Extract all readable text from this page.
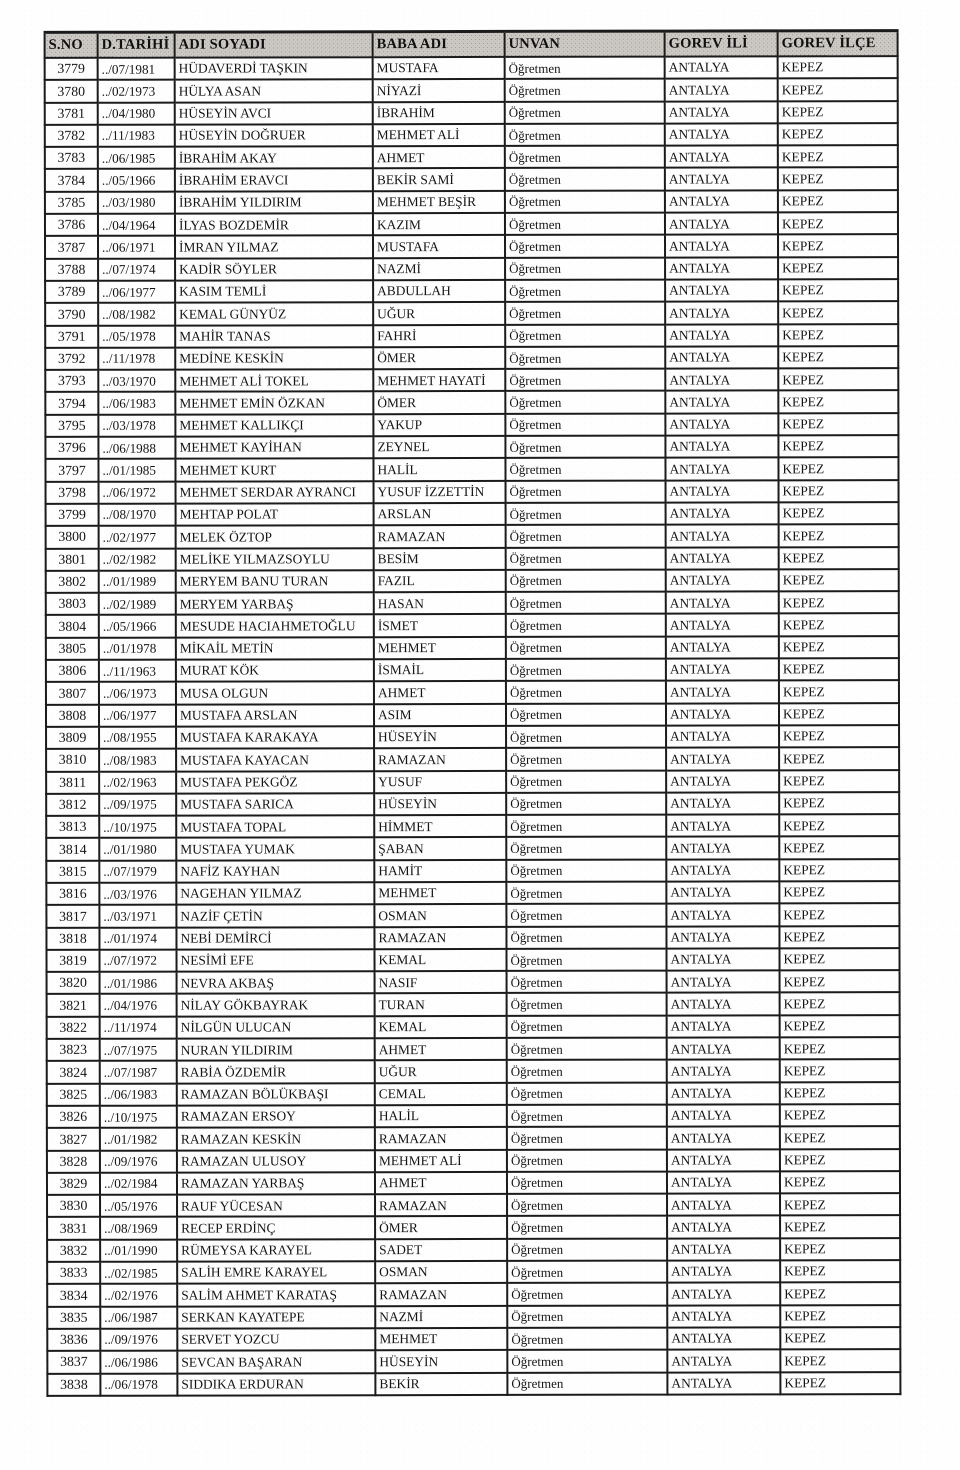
S.NO	D.TARİHİ	ADI SOYADI	BABA ADI	UNVAN	GOREV İLİ	GOREV İLÇE
3779	../07/1981	HÜDAVERDİ TAŞKIN	MUSTAFA	Öğretmen	ANTALYA	KEPEZ
3780	../02/1973	HÜLYA ASAN	NİYAZİ	Öğretmen	ANTALYA	KEPEZ
3781	../04/1980	HÜSEYİN AVCI	İBRAHİM	Öğretmen	ANTALYA	KEPEZ
3782	../11/1983	HÜSEYİN DOĞRUER	MEHMET ALİ	Öğretmen	ANTALYA	KEPEZ
3783	../06/1985	İBRAHİM AKAY	AHMET	Öğretmen	ANTALYA	KEPEZ
3784	../05/1966	İBRAHİM ERAVCI	BEKİR SAMİ	Öğretmen	ANTALYA	KEPEZ
3785	../03/1980	İBRAHİM YILDIRIM	MEHMET BEŞİR	Öğretmen	ANTALYA	KEPEZ
3786	../04/1964	İLYAS BOZDEMİR	KAZIM	Öğretmen	ANTALYA	KEPEZ
3787	../06/1971	İMRAN YILMAZ	MUSTAFA	Öğretmen	ANTALYA	KEPEZ
3788	../07/1974	KADİR SÖYLER	NAZMİ	Öğretmen	ANTALYA	KEPEZ
3789	../06/1977	KASIM TEMLİ	ABDULLAH	Öğretmen	ANTALYA	KEPEZ
3790	../08/1982	KEMAL GÜNYÜZ	UĞUR	Öğretmen	ANTALYA	KEPEZ
3791	../05/1978	MAHİR TANAS	FAHRİ	Öğretmen	ANTALYA	KEPEZ
3792	../11/1978	MEDİNE KESKİN	ÖMER	Öğretmen	ANTALYA	KEPEZ
3793	../03/1970	MEHMET ALİ TOKEL	MEHMET HAYATİ	Öğretmen	ANTALYA	KEPEZ
3794	../06/1983	MEHMET EMİN ÖZKAN	ÖMER	Öğretmen	ANTALYA	KEPEZ
3795	../03/1978	MEHMET KALLIKÇI	YAKUP	Öğretmen	ANTALYA	KEPEZ
3796	../06/1988	MEHMET KAYİHAN	ZEYNEL	Öğretmen	ANTALYA	KEPEZ
3797	../01/1985	MEHMET KURT	HALİL	Öğretmen	ANTALYA	KEPEZ
3798	../06/1972	MEHMET SERDAR AYRANCI	YUSUF İZZETTİN	Öğretmen	ANTALYA	KEPEZ
3799	../08/1970	MEHTAP POLAT	ARSLAN	Öğretmen	ANTALYA	KEPEZ
3800	../02/1977	MELEK ÖZTOP	RAMAZAN	Öğretmen	ANTALYA	KEPEZ
3801	../02/1982	MELİKE YILMAZSOYLU	BESİM	Öğretmen	ANTALYA	KEPEZ
3802	../01/1989	MERYEM BANU TURAN	FAZIL	Öğretmen	ANTALYA	KEPEZ
3803	../02/1989	MERYEM YARBAŞ	HASAN	Öğretmen	ANTALYA	KEPEZ
3804	../05/1966	MESUDE HACIAHMETOĞLU	İSMET	Öğretmen	ANTALYA	KEPEZ
3805	../01/1978	MİKAİL METİN	MEHMET	Öğretmen	ANTALYA	KEPEZ
3806	../11/1963	MURAT KÖK	İSMAİL	Öğretmen	ANTALYA	KEPEZ
3807	../06/1973	MUSA OLGUN	AHMET	Öğretmen	ANTALYA	KEPEZ
3808	../06/1977	MUSTAFA ARSLAN	ASIM	Öğretmen	ANTALYA	KEPEZ
3809	../08/1955	MUSTAFA KARAKAYA	HÜSEYİN	Öğretmen	ANTALYA	KEPEZ
3810	../08/1983	MUSTAFA KAYACAN	RAMAZAN	Öğretmen	ANTALYA	KEPEZ
3811	../02/1963	MUSTAFA PEKGÖZ	YUSUF	Öğretmen	ANTALYA	KEPEZ
3812	../09/1975	MUSTAFA SARICA	HÜSEYİN	Öğretmen	ANTALYA	KEPEZ
3813	../10/1975	MUSTAFA TOPAL	HİMMET	Öğretmen	ANTALYA	KEPEZ
3814	../01/1980	MUSTAFA YUMAK	ŞABAN	Öğretmen	ANTALYA	KEPEZ
3815	../07/1979	NAFİZ KAYHAN	HAMİT	Öğretmen	ANTALYA	KEPEZ
3816	../03/1976	NAGEHAN YILMAZ	MEHMET	Öğretmen	ANTALYA	KEPEZ
3817	../03/1971	NAZİF ÇETİN	OSMAN	Öğretmen	ANTALYA	KEPEZ
3818	../01/1974	NEBİ DEMİRCİ	RAMAZAN	Öğretmen	ANTALYA	KEPEZ
3819	../07/1972	NESİMİ EFE	KEMAL	Öğretmen	ANTALYA	KEPEZ
3820	../01/1986	NEVRA AKBAŞ	NASIF	Öğretmen	ANTALYA	KEPEZ
3821	../04/1976	NİLAY GÖKBAYRAK	TURAN	Öğretmen	ANTALYA	KEPEZ
3822	../11/1974	NİLGÜN ULUCAN	KEMAL	Öğretmen	ANTALYA	KEPEZ
3823	../07/1975	NURAN YILDIRIM	AHMET	Öğretmen	ANTALYA	KEPEZ
3824	../07/1987	RABİA ÖZDEMİR	UĞUR	Öğretmen	ANTALYA	KEPEZ
3825	../06/1983	RAMAZAN BÖLÜKBAŞI	CEMAL	Öğretmen	ANTALYA	KEPEZ
3826	../10/1975	RAMAZAN ERSOY	HALİL	Öğretmen	ANTALYA	KEPEZ
3827	../01/1982	RAMAZAN KESKİN	RAMAZAN	Öğretmen	ANTALYA	KEPEZ
3828	../09/1976	RAMAZAN ULUSOY	MEHMET ALİ	Öğretmen	ANTALYA	KEPEZ
3829	../02/1984	RAMAZAN YARBAŞ	AHMET	Öğretmen	ANTALYA	KEPEZ
3830	../05/1976	RAUF YÜCESAN	RAMAZAN	Öğretmen	ANTALYA	KEPEZ
3831	../08/1969	RECEP ERDİNÇ	ÖMER	Öğretmen	ANTALYA	KEPEZ
3832	../01/1990	RÜMEYSA KARAYEL	SADET	Öğretmen	ANTALYA	KEPEZ
3833	../02/1985	SALİH EMRE KARAYEL	OSMAN	Öğretmen	ANTALYA	KEPEZ
3834	../02/1976	SALİM AHMET KARATAŞ	RAMAZAN	Öğretmen	ANTALYA	KEPEZ
3835	../06/1987	SERKAN KAYATEPE	NAZMİ	Öğretmen	ANTALYA	KEPEZ
3836	../09/1976	SERVET YOZCU	MEHMET	Öğretmen	ANTALYA	KEPEZ
3837	../06/1986	SEVCAN BAŞARAN	HÜSEYİN	Öğretmen	ANTALYA	KEPEZ
3838	../06/1978	SIDDIKA ERDURAN	BEKİR	Öğretmen	ANTALYA	KEPEZ
